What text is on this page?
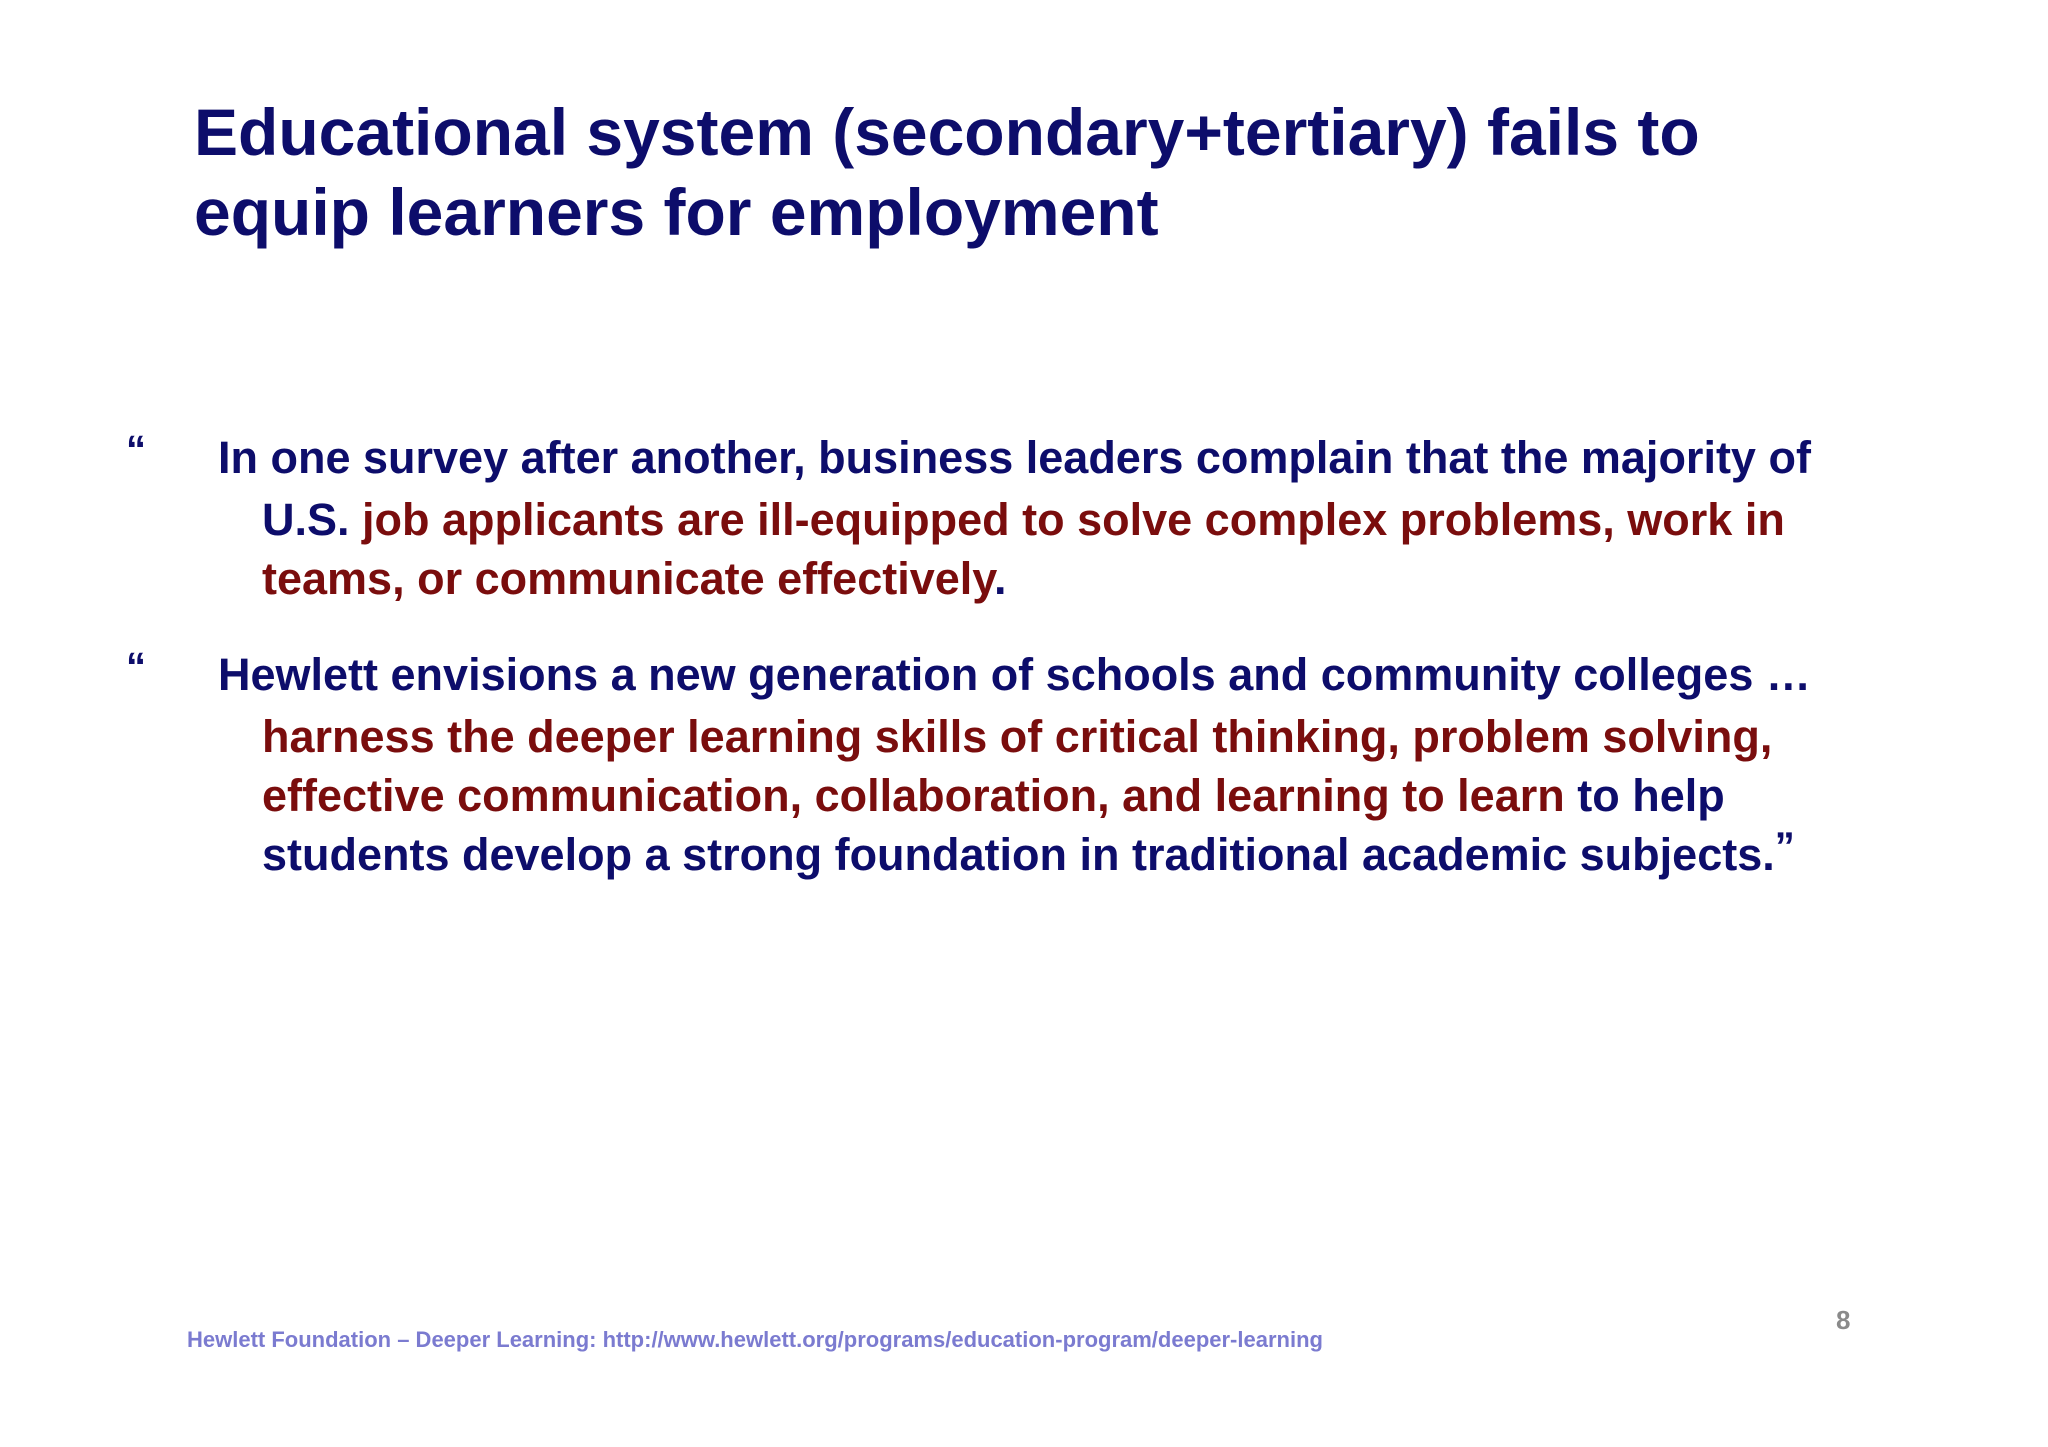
Educational system (secondary+tertiary) fails to
equip learners for employment

“ In one survey after another, business leaders complain that the majority of U.S. job applicants are ill-equipped to solve complex problems, work in teams, or communicate effectively.

“ Hewlett envisions a new generation of schools and community colleges … harness the deeper learning skills of critical thinking, problem solving, effective communication, collaboration, and learning to learn to help students develop a strong foundation in traditional academic subjects.”

Hewlett Foundation – Deeper Learning: http://www.hewlett.org/programs/education-program/deeper-learning

8
